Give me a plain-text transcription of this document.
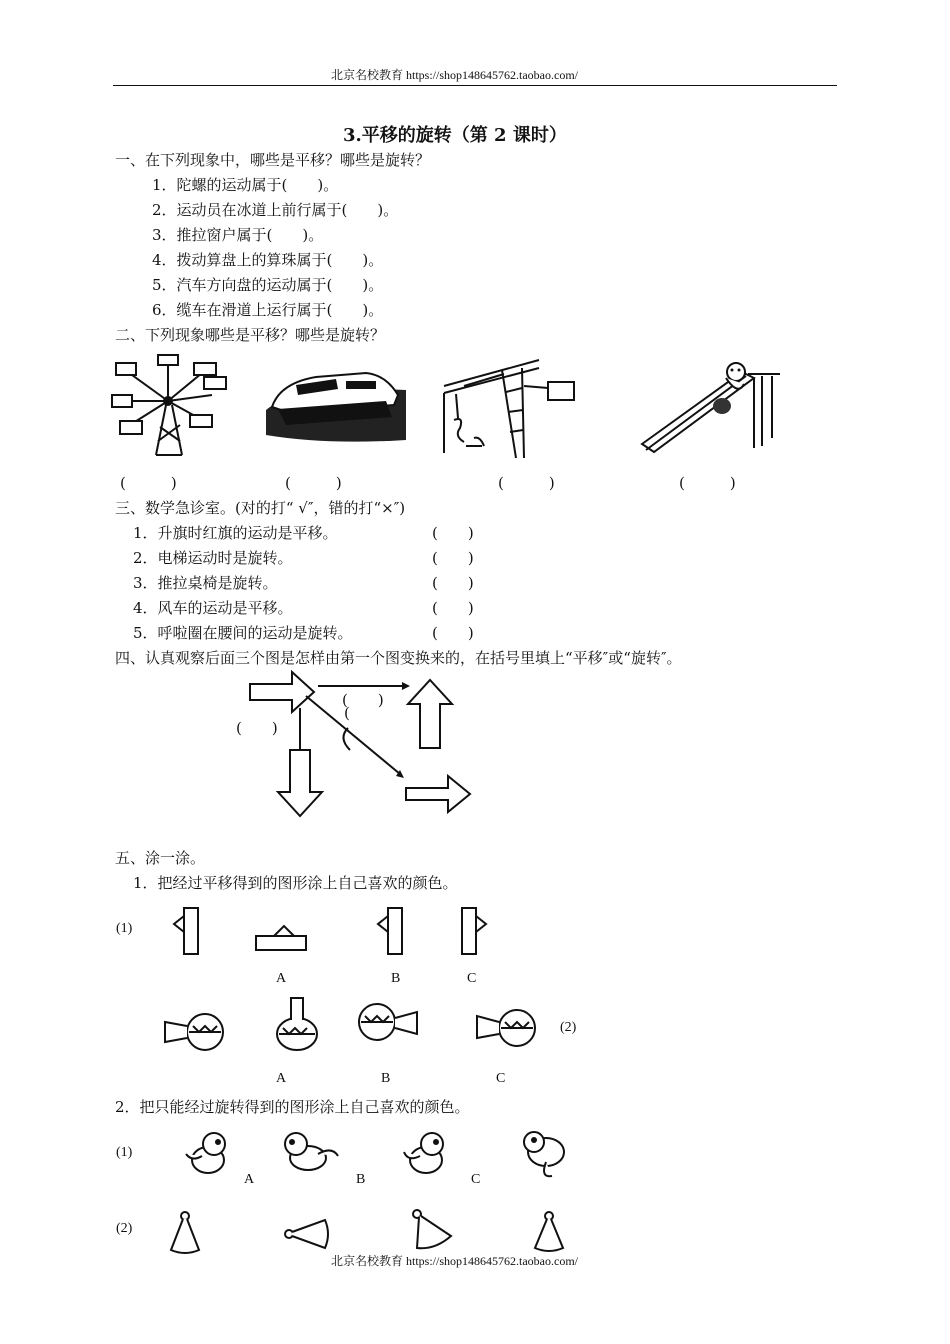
北京名校教育 https://shop148645762.taobao.com/
3.平移的旋转（第 2 课时）
一、在下列现象中，哪些是平移？哪些是旋转？
1．陀螺的运动属于(　　)。
2．运动员在冰道上前行属于(　　)。
3．推拉窗户属于(　　)。
4．拨动算盘上的算珠属于(　　)。
5．汽车方向盘的运动属于(　　)。
6．缆车在滑道上运行属于(　　)。
二、下列现象哪些是平移？哪些是旋转？
(　　　)	(　　　)	(　　　)	(　　　)
三、数学急诊室。(对的打“ √″，错的打“×″)
1．升旗时红旗的运动是平移。	(　　)
2．电梯运动时是旋转。	(　　)
3．推拉桌椅是旋转。	(　　)
4．风车的运动是平移。	(　　)
5．呼啦圈在腰间的运动是旋转。	(　　)
四、认真观察后面三个图是怎样由第一个图变换来的，在括号里填上“平移″或“旋转″。
(　　)
(　　)
(
五、涂一涂。
1．把经过平移得到的图形涂上自己喜欢的颜色。
(1)
A	B	C
(2)
A	B	C
2．把只能经过旋转得到的图形涂上自己喜欢的颜色。
(1)
A	B	C
(2)
北京名校教育 https://shop148645762.taobao.com/
